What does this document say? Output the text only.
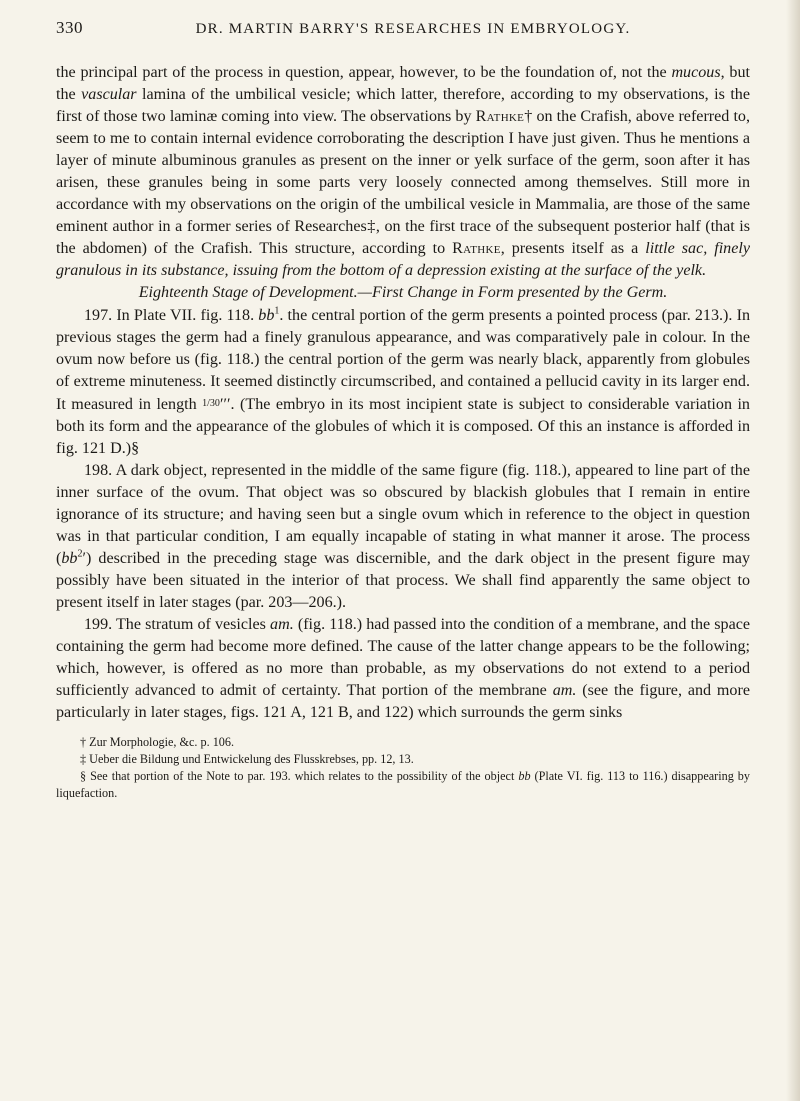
330	DR. MARTIN BARRY'S RESEARCHES IN EMBRYOLOGY.

the principal part of the process in question, appear, however, to be the foundation of, not the mucous, but the vascular lamina of the umbilical vesicle; which latter, therefore, according to my observations, is the first of those two laminæ coming into view. The observations by Rathke† on the Crafish, above referred to, seem to me to contain internal evidence corroborating the description I have just given. Thus he mentions a layer of minute albuminous granules as present on the inner or yelk surface of the germ, soon after it has arisen, these granules being in some parts very loosely connected among themselves. Still more in accordance with my observations on the origin of the umbilical vesicle in Mammalia, are those of the same eminent author in a former series of Researches‡, on the first trace of the subsequent posterior half (that is the abdomen) of the Crafish. This structure, according to Rathke, presents itself as a little sac, finely granulous in its substance, issuing from the bottom of a depression existing at the surface of the yelk.

Eighteenth Stage of Development.—First Change in Form presented by the Germ.

197. In Plate VII. fig. 118. $bb^1$. the central portion of the germ presents a pointed process (par. 213.). In previous stages the germ had a finely granulous appearance, and was comparatively pale in colour. In the ovum now before us (fig. 118.) the central portion of the germ was nearly black, apparently from globules of extreme minuteness. It seemed distinctly circumscribed, and contained a pellucid cavity in its larger end. It measured in length 1/30′′′. (The embryo in its most incipient state is subject to considerable variation in both its form and the appearance of the globules of which it is composed. Of this an instance is afforded in fig. 121 D.)§

198. A dark object, represented in the middle of the same figure (fig. 118.), appeared to line part of the inner surface of the ovum. That object was so obscured by blackish globules that I remain in entire ignorance of its structure; and having seen but a single ovum which in reference to the object in question was in that particular condition, I am equally incapable of stating in what manner it arose. The process $(bb^2')$ described in the preceding stage was discernible, and the dark object in the present figure may possibly have been situated in the interior of that process. We shall find apparently the same object to present itself in later stages (par. 203—206.).

199. The stratum of vesicles am. (fig. 118.) had passed into the condition of a membrane, and the space containing the germ had become more defined. The cause of the latter change appears to be the following; which, however, is offered as no more than probable, as my observations do not extend to a period sufficiently advanced to admit of certainty. That portion of the membrane am. (see the figure, and more particularly in later stages, figs. 121 A, 121 B, and 122) which surrounds the germ sinks

† Zur Morphologie, &c. p. 106.

‡ Ueber die Bildung und Entwickelung des Flusskrebses, pp. 12, 13.

§ See that portion of the Note to par. 193. which relates to the possibility of the object bb (Plate VI. fig. 113 to 116.) disappearing by liquefaction.
